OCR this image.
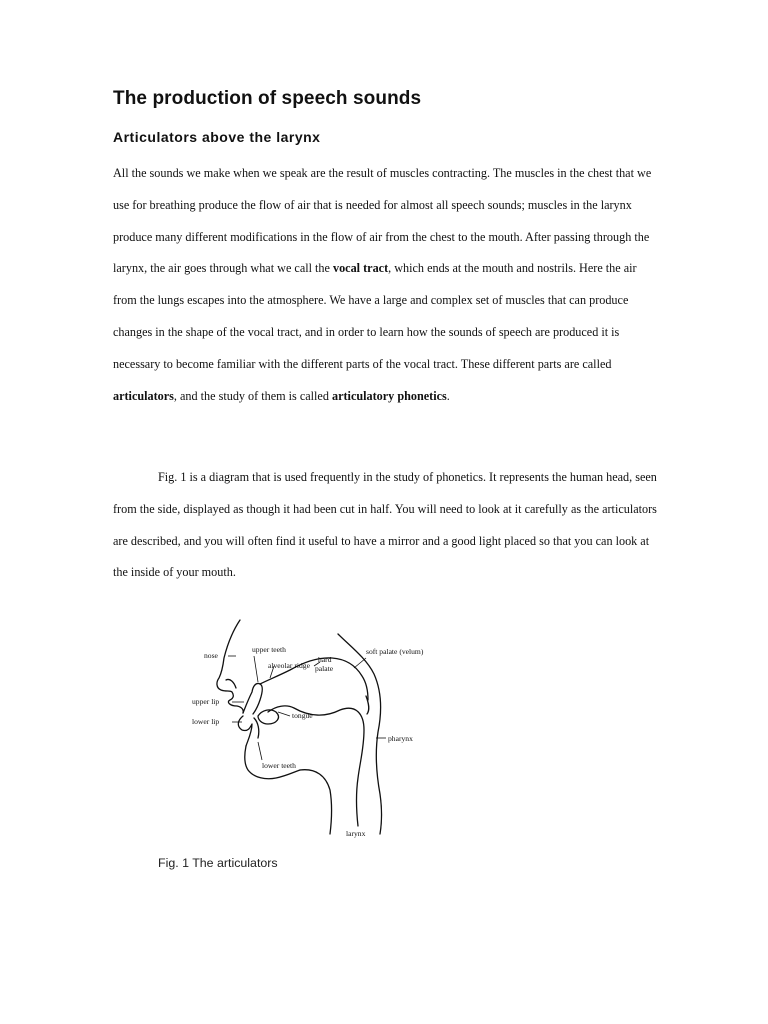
The production of speech sounds
Articulators above the larynx

All the sounds we make when we speak are the result of muscles contracting. The muscles in the chest that we use for breathing produce the flow of air that is needed for almost all speech sounds; muscles in the larynx produce many different modifications in the flow of air from the chest to the mouth. After passing through the larynx, the air goes through what we call the vocal tract, which ends at the mouth and nostrils. Here the air from the lungs escapes into the atmosphere. We have a large and complex set of muscles that can produce changes in the shape of the vocal tract, and in order to learn how the sounds of speech are produced it is necessary to become familiar with the different parts of the vocal tract. These different parts are called articulators, and the study of them is called articulatory phonetics.

Fig. 1 is a diagram that is used frequently in the study of phonetics. It represents the human head, seen from the side, displayed as though it had been cut in half. You will need to look at it carefully as the articulators are described, and you will often find it useful to have a mirror and a good light placed so that you can look at the inside of your mouth.

nose
upper teeth
alveolar ridge
hard
palate
soft palate (velum)
upper lip
lower lip
tongue
pharynx
lower teeth
larynx

Fig. 1 The articulators
